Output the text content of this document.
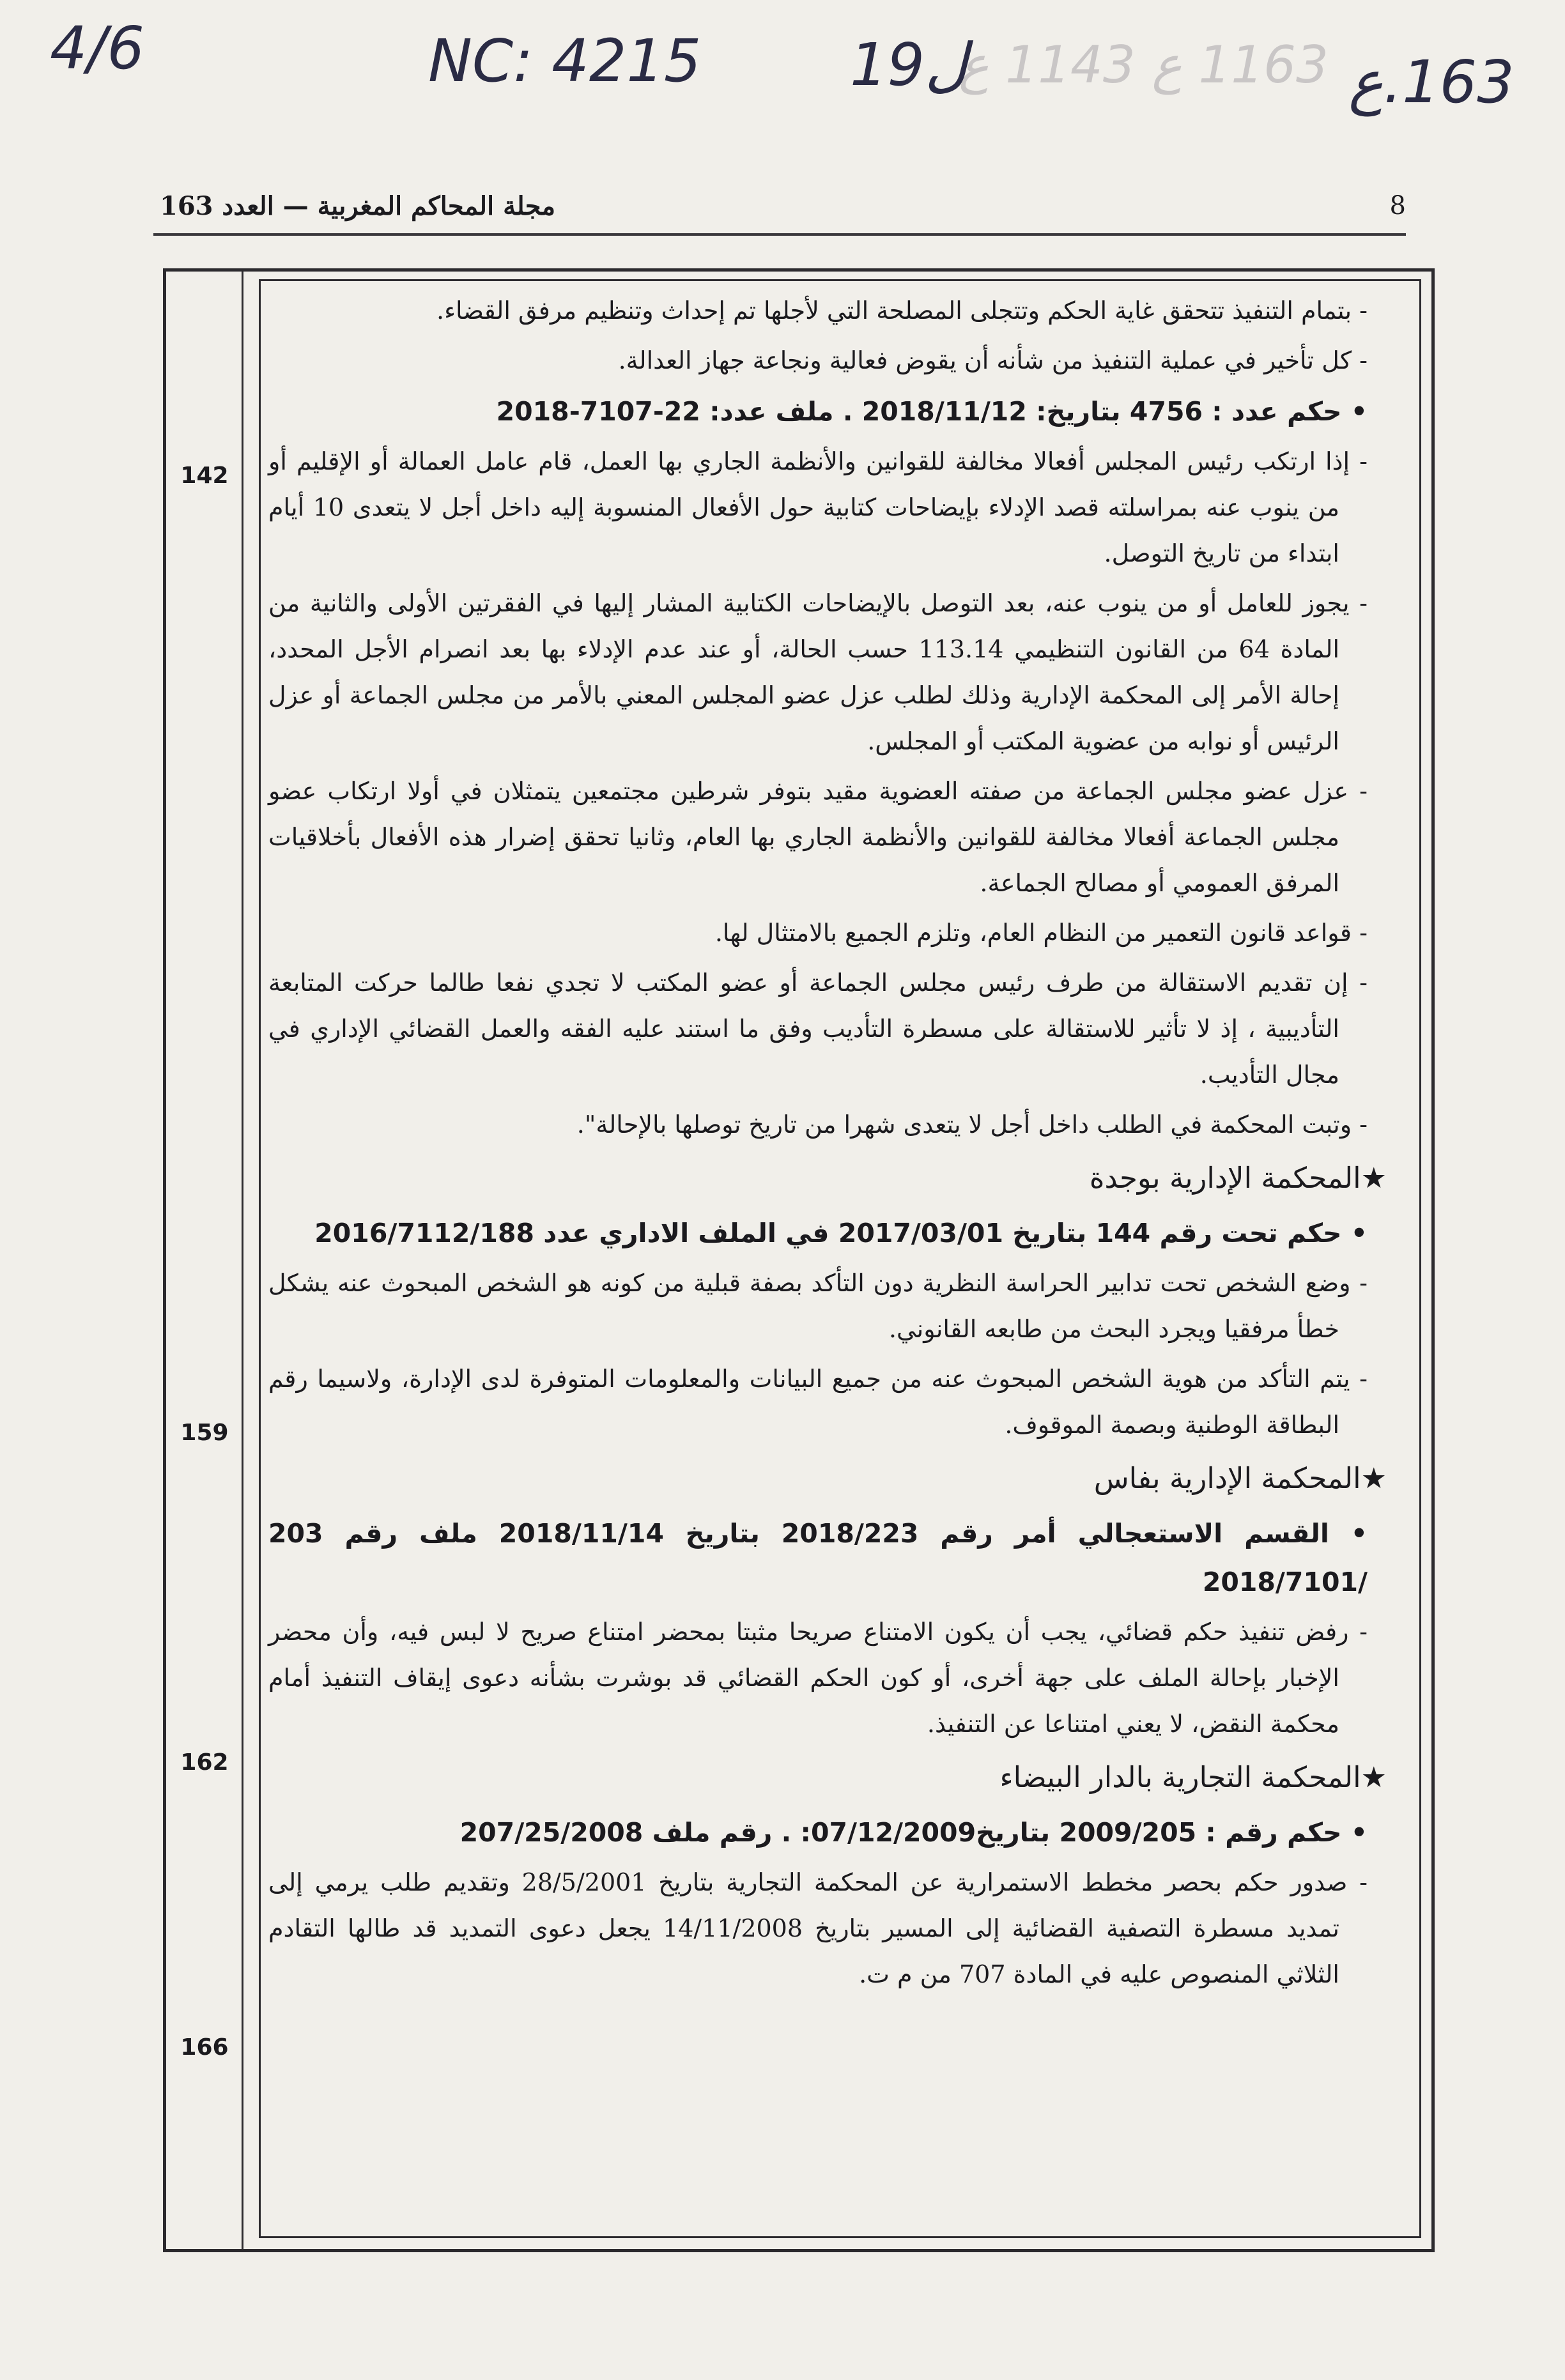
4/6	1163 ع 1143 ع
NC: 4215	ل19	163.ع
مجلة المحاكم المغربية — العدد 163	8
142
159
162
166

- بتمام التنفيذ تتحقق غاية الحكم وتتجلى المصلحة التي لأجلها تم إحداث وتنظيم مرفق القضاء.

- كل تأخير في عملية التنفيذ من شأنه أن يقوض فعالية ونجاعة جهاز العدالة.

• حكم عدد : 4756 بتاريخ: 2018/11/12 . ملف عدد: 22-7107-2018

- إذا ارتكب رئيس المجلس أفعالا مخالفة للقوانين والأنظمة الجاري بها العمل، قام عامل العمالة أو الإقليم أو من ينوب عنه بمراسلته قصد الإدلاء بإيضاحات كتابية حول الأفعال المنسوبة إليه داخل أجل لا يتعدى 10 أيام ابتداء من تاريخ التوصل.

- يجوز للعامل أو من ينوب عنه، بعد التوصل بالإيضاحات الكتابية المشار إليها في الفقرتين الأولى والثانية من المادة 64 من القانون التنظيمي 113.14 حسب الحالة، أو عند عدم الإدلاء بها بعد انصرام الأجل المحدد، إحالة الأمر إلى المحكمة الإدارية وذلك لطلب عزل عضو المجلس المعني بالأمر من مجلس الجماعة أو عزل الرئيس أو نوابه من عضوية المكتب أو المجلس.

- عزل عضو مجلس الجماعة من صفته العضوية مقيد بتوفر شرطين مجتمعين يتمثلان في أولا ارتكاب عضو مجلس الجماعة أفعالا مخالفة للقوانين والأنظمة الجاري بها العام، وثانيا تحقق إضرار هذه الأفعال بأخلاقيات المرفق العمومي أو مصالح الجماعة.

- قواعد قانون التعمير من النظام العام، وتلزم الجميع بالامتثال لها.

- إن تقديم الاستقالة من طرف رئيس مجلس الجماعة أو عضو المكتب لا تجدي نفعا طالما حركت المتابعة التأديبية ، إذ لا تأثير للاستقالة على مسطرة التأديب وفق ما استند عليه الفقه والعمل القضائي الإداري في مجال التأديب.

- وتبت المحكمة في الطلب داخل أجل لا يتعدى شهرا من تاريخ توصلها بالإحالة".

★المحكمة الإدارية بوجدة

• حكم تحت رقم 144 بتاريخ 2017/03/01 في الملف الاداري عدد 2016/7112/188

- وضع الشخص تحت تدابير الحراسة النظرية دون التأكد بصفة قبلية من كونه هو الشخص المبحوث عنه يشكل خطأ مرفقيا ويجرد البحث من طابعه القانوني.

- يتم التأكد من هوية الشخص المبحوث عنه من جميع البيانات والمعلومات المتوفرة لدى الإدارة، ولاسيما رقم البطاقة الوطنية وبصمة الموقوف.

★المحكمة الإدارية بفاس

• القسم الاستعجالي أمر رقم 2018/223 بتاريخ 2018/11/14 ملف رقم 203 /2018/7101

- رفض تنفيذ حكم قضائي، يجب أن يكون الامتناع صريحا مثبتا بمحضر امتناع صريح لا لبس فيه، وأن محضر الإخبار بإحالة الملف على جهة أخرى، أو كون الحكم القضائي قد بوشرت بشأنه دعوى إيقاف التنفيذ أمام محكمة النقض، لا يعني امتناعا عن التنفيذ.

★المحكمة التجارية بالدار البيضاء

• حكم رقم : 2009/205 بتاريخ07/12/2009: . رقم ملف 207/25/2008

- صدور حكم بحصر مخطط الاستمرارية عن المحكمة التجارية بتاريخ 28/5/2001 وتقديم طلب يرمي إلى تمديد مسطرة التصفية القضائية إلى المسير بتاريخ 14/11/2008 يجعل دعوى التمديد قد طالها التقادم الثلاثي المنصوص عليه في المادة 707 من م ت.
